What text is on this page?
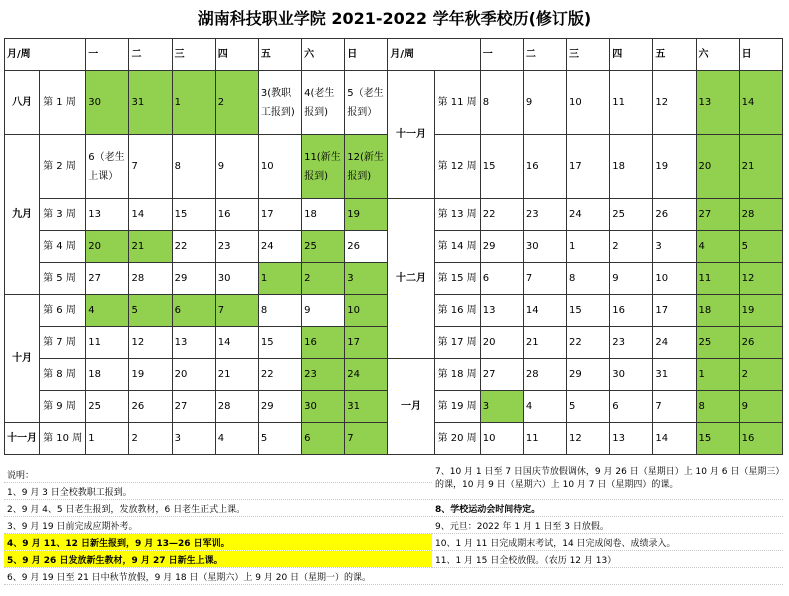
湖南科技职业学院 2021-2022 学年秋季校历(修订版)
月/周		一	二	三	四	五	六	日	月/周		一	二	三	四	五	六	日
八月	第 1 周	30	31	1	2	3(教职工报到)	4(老生报到)	5（老生报到）	十一月	第 11 周	8	9	10	11	12	13	14
九月	第 2 周	6（老生上课）	7	8	9	10	11(新生报到)	12(新生报到)		第 12 周	15	16	17	18	19	20	21
	第 3 周	13	14	15	16	17	18	19	十二月	第 13 周	22	23	24	25	26	27	28
	第 4 周	20	21	22	23	24	25	26		第 14 周	29	30	1	2	3	4	5
	第 5 周	27	28	29	30	1	2	3		第 15 周	6	7	8	9	10	11	12
十月	第 6 周	4	5	6	7	8	9	10		第 16 周	13	14	15	16	17	18	19
	第 7 周	11	12	13	14	15	16	17		第 17 周	20	21	22	23	24	25	26
	第 8 周	18	19	20	21	22	23	24	一月	第 18 周	27	28	29	30	31	1	2
	第 9 周	25	26	27	28	29	30	31		第 19 周	3	4	5	6	7	8	9
十一月	第 10 周	1	2	3	4	5	6	7		第 20 周	10	11	12	13	14	15	16
说明：	7、10 月 1 日至 7 日国庆节放假调休，9 月 26 日（星期日）上 10 月 6 日（星期三）的课，10 月 9 日（星期六）上 10 月 7 日（星期四）的课。
1、9 月 3 日全校教职工报到。	
2、9 月 4、5 日老生报到，发放教材，6 日老生正式上课。	8、学校运动会时间待定。
3、9 月 19 日前完成应期补考。	9、元旦：2022 年 1 月 1 日至 3 日放假。
4、9 月 11、12 日新生报到，9 月 13—26 日军训。	10、1 月 11 日完成期末考试，14 日完成阅卷、成绩录入。
5、9 月 26 日发放新生教材，9 月 27 日新生上课。	11、1 月 15 日全校放假。（农历 12 月 13）
6、9 月 19 日至 21 日中秋节放假，9 月 18 日（星期六）上 9 月 20 日（星期一）的课。	
